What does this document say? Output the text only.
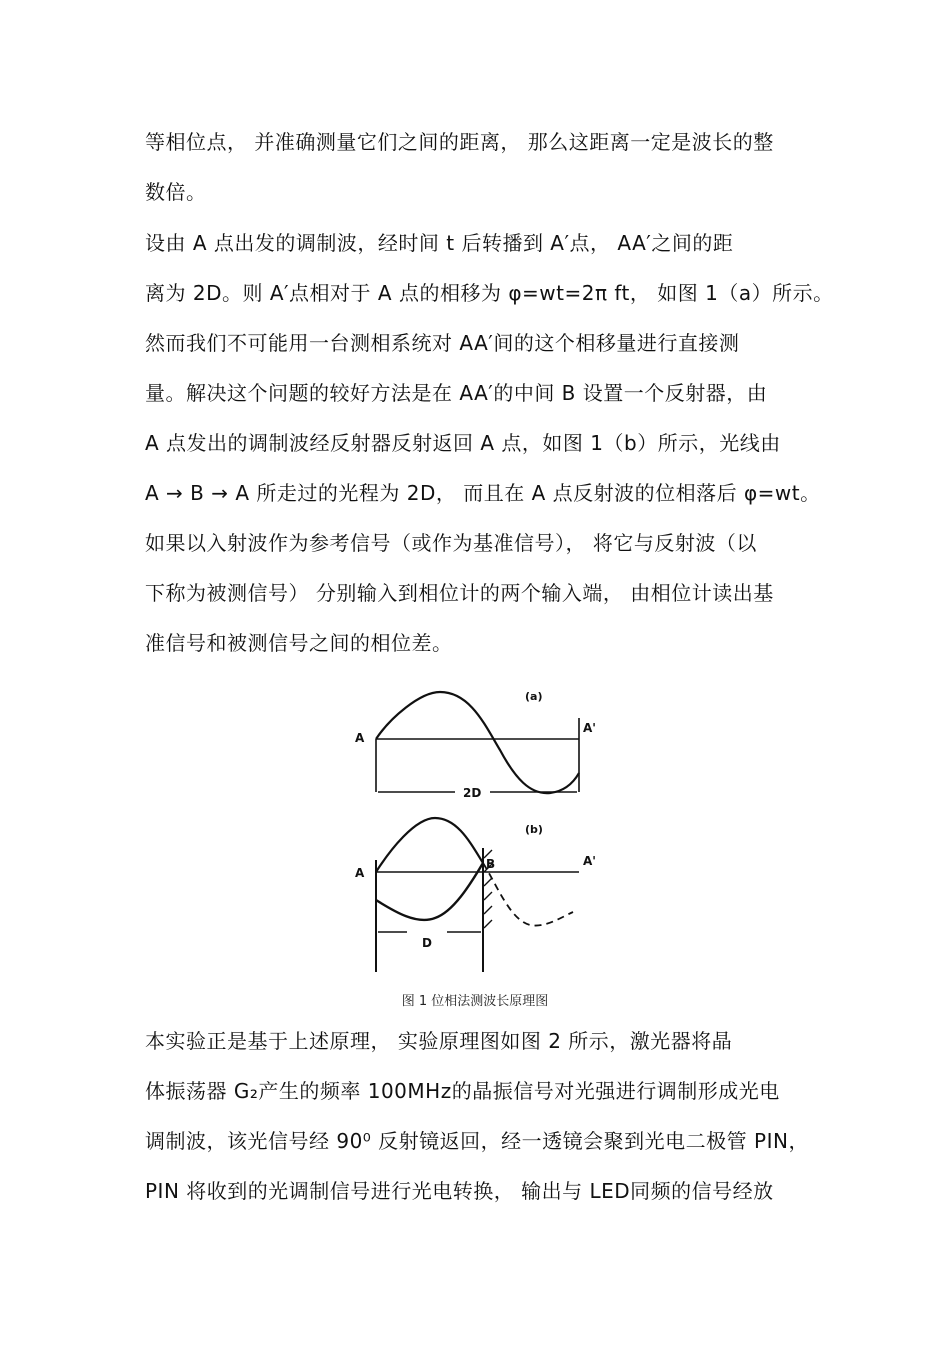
等相位点， 并准确测量它们之间的距离， 那么这距离一定是波长的整
数倍。
设由 A 点出发的调制波，经时间 t 后转播到 A′点， AA′之间的距
离为 2D。则 A′点相对于 A 点的相移为 φ=wt=2π ft， 如图 1（a）所示。
然而我们不可能用一台测相系统对 AA′间的这个相移量进行直接测
量。解决这个问题的较好方法是在 AA′的中间 B 设置一个反射器，由
A 点发出的调制波经反射器反射返回 A 点，如图 1（b）所示，光线由
A → B → A 所走过的光程为 2D， 而且在 A 点反射波的位相落后 φ=wt。
如果以入射波作为参考信号（或作为基准信号）， 将它与反射波（以
下称为被测信号） 分别输入到相位计的两个输入端， 由相位计读出基
准信号和被测信号之间的相位差。
(a)
A
A'
2D
(b)
A
A'
B
D
图 1 位相法测波长原理图
本实验正是基于上述原理， 实验原理图如图 2 所示，激光器将晶
体振荡器 G₂产生的频率 100MHz的晶振信号对光强进行调制形成光电
调制波，该光信号经 90⁰ 反射镜返回，经一透镜会聚到光电二极管 PIN，
PIN 将收到的光调制信号进行光电转换， 输出与 LED同频的信号经放
